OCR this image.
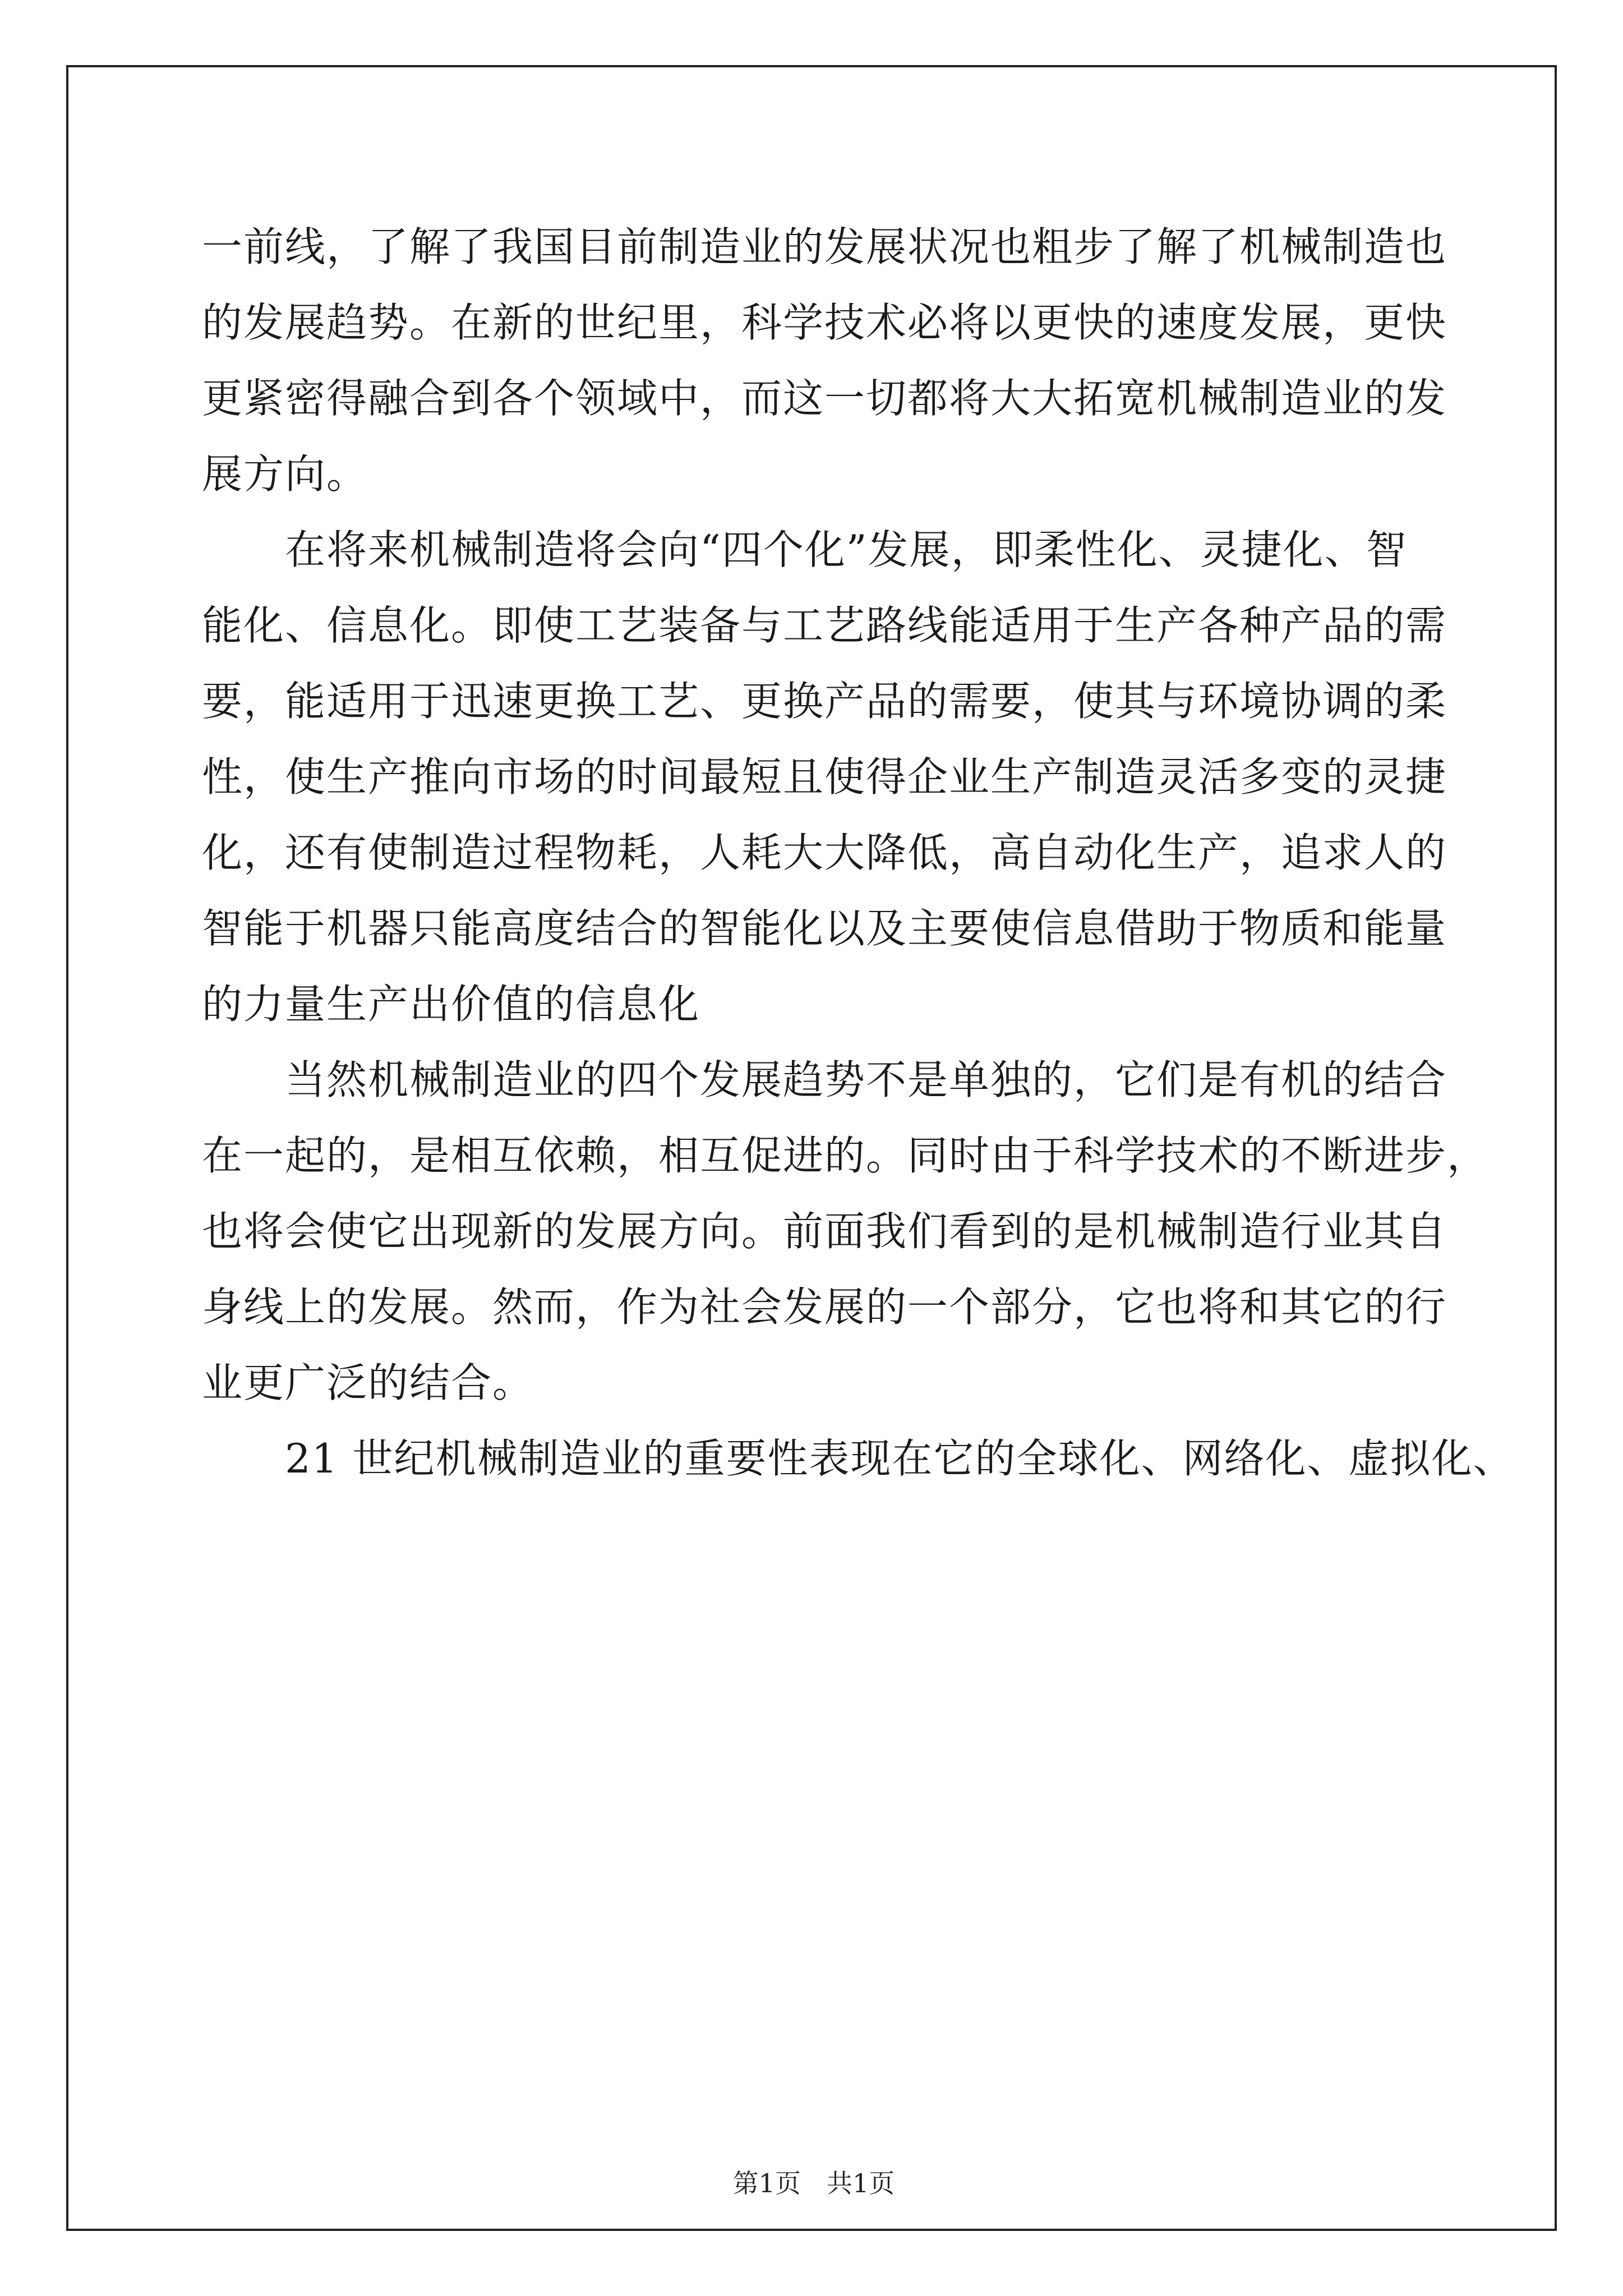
一前线，了解了我国目前制造业的发展状况也粗步了解了机械制造也
的发展趋势。在新的世纪里，科学技术必将以更快的速度发展，更快
更紧密得融合到各个领域中，而这一切都将大大拓宽机械制造业的发
展方向。
　　在将来机械制造将会向“四个化”发展，即柔性化、灵捷化、智
能化、信息化。即使工艺装备与工艺路线能适用于生产各种产品的需
要，能适用于迅速更换工艺、更换产品的需要，使其与环境协调的柔
性，使生产推向市场的时间最短且使得企业生产制造灵活多变的灵捷
化，还有使制造过程物耗，人耗大大降低，高自动化生产，追求人的
智能于机器只能高度结合的智能化以及主要使信息借助于物质和能量
的力量生产出价值的信息化
　　当然机械制造业的四个发展趋势不是单独的，它们是有机的结合
在一起的，是相互依赖，相互促进的。同时由于科学技术的不断进步，
也将会使它出现新的发展方向。前面我们看到的是机械制造行业其自
身线上的发展。然而，作为社会发展的一个部分，它也将和其它的行
业更广泛的结合。
　　21 世纪机械制造业的重要性表现在它的全球化、网络化、虚拟化、
第1页　共1页
